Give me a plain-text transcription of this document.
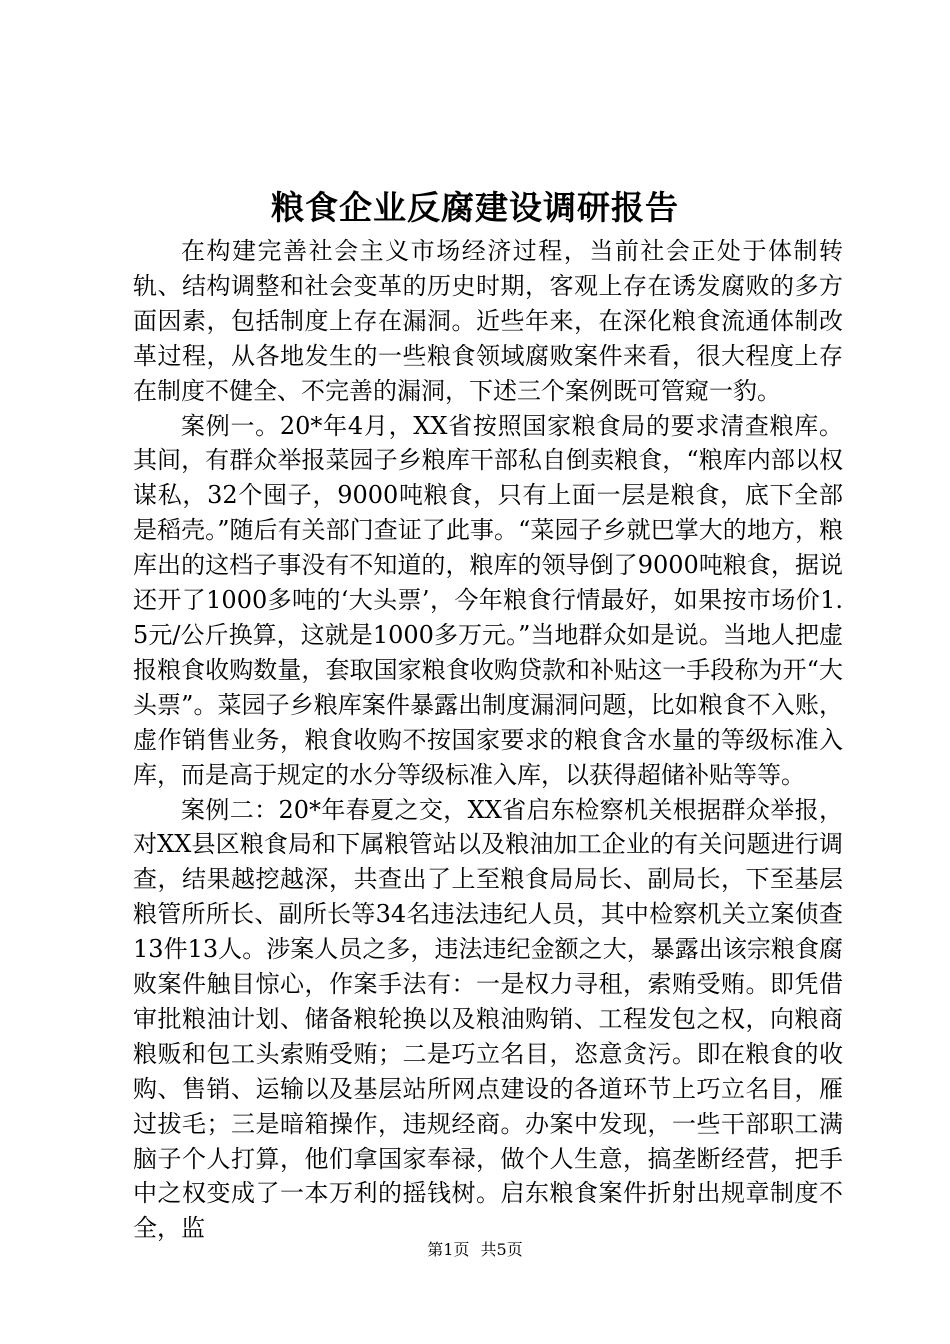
粮食企业反腐建设调研报告

在构建完善社会主义市场经济过程，当前社会正处于体制转轨、结构调整和社会变革的历史时期，客观上存在诱发腐败的多方面因素，包括制度上存在漏洞。近些年来，在深化粮食流通体制改革过程，从各地发生的一些粮食领域腐败案件来看，很大程度上存在制度不健全、不完善的漏洞，下述三个案例既可管窥一豹。

案例一。20*年4月，XX省按照国家粮食局的要求清查粮库。其间，有群众举报菜园子乡粮库干部私自倒卖粮食，“粮库内部以权谋私，32个囤子，9000吨粮食，只有上面一层是粮食，底下全部是稻壳。”随后有关部门查证了此事。“菜园子乡就巴掌大的地方，粮库出的这档子事没有不知道的，粮库的领导倒了9000吨粮食，据说还开了1000多吨的‘大头票’，今年粮食行情最好，如果按市场价1.5元/公斤换算，这就是1000多万元。”当地群众如是说。当地人把虚报粮食收购数量，套取国家粮食收购贷款和补贴这一手段称为开“大头票”。菜园子乡粮库案件暴露出制度漏洞问题，比如粮食不入账，虚作销售业务，粮食收购不按国家要求的粮食含水量的等级标准入库，而是高于规定的水分等级标准入库，以获得超储补贴等等。

案例二：20*年春夏之交，XX省启东检察机关根据群众举报，对XX县区粮食局和下属粮管站以及粮油加工企业的有关问题进行调查，结果越挖越深，共查出了上至粮食局局长、副局长，下至基层粮管所所长、副所长等34名违法违纪人员，其中检察机关立案侦查13件13人。涉案人员之多，违法违纪金额之大，暴露出该宗粮食腐败案件触目惊心，作案手法有：一是权力寻租，索贿受贿。即凭借审批粮油计划、储备粮轮换以及粮油购销、工程发包之权，向粮商粮贩和包工头索贿受贿；二是巧立名目，恣意贪污。即在粮食的收购、售销、运输以及基层站所网点建设的各道环节上巧立名目，雁过拔毛；三是暗箱操作，违规经商。办案中发现，一些干部职工满脑子个人打算，他们拿国家奉禄，做个人生意，搞垄断经营，把手中之权变成了一本万利的摇钱树。启东粮食案件折射出规章制度不全，监

第1页 共5页
